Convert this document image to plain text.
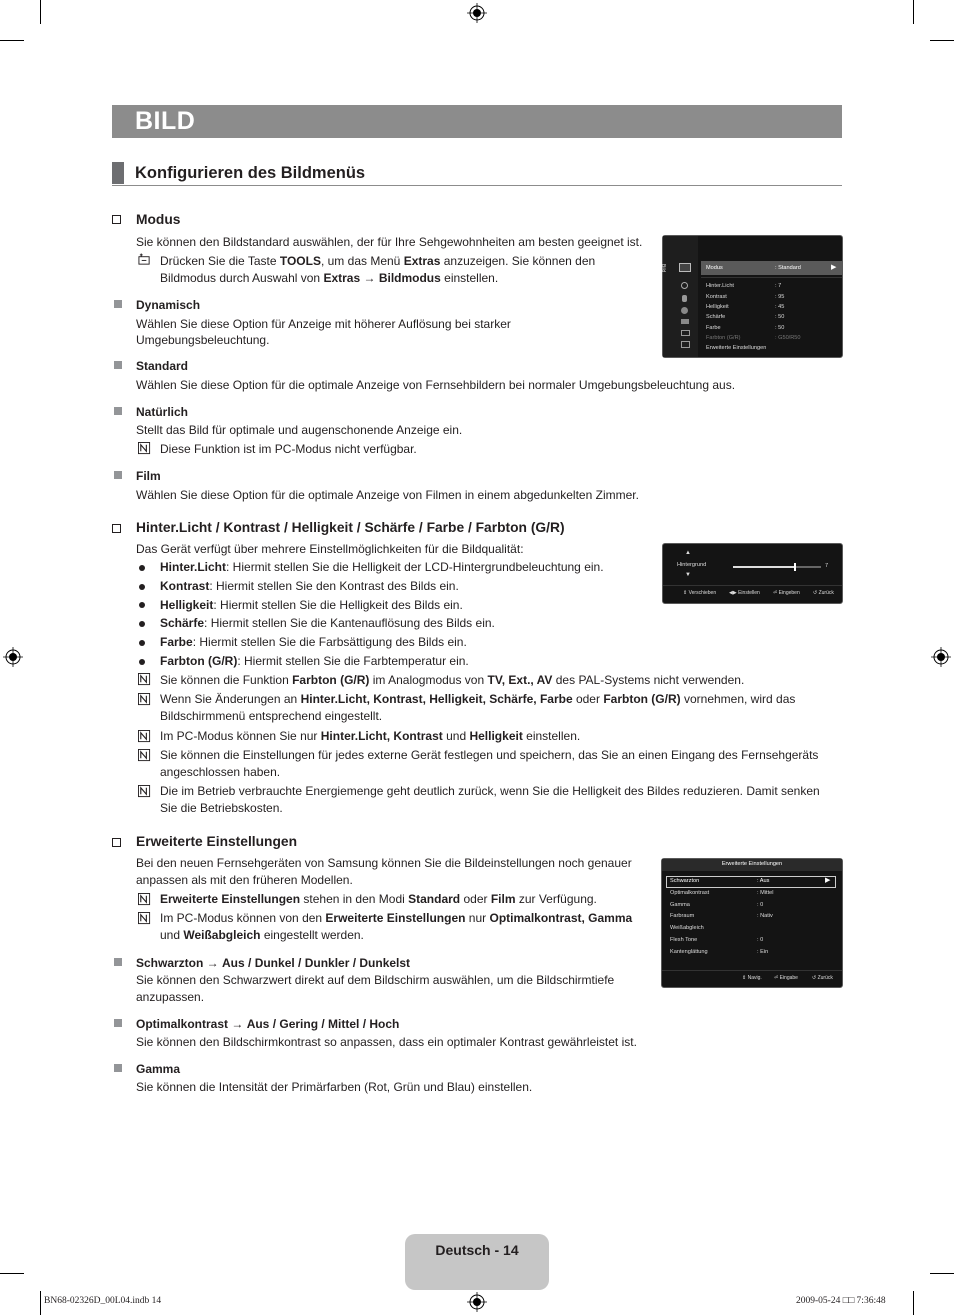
BILD
Konfigurieren des Bildmenüs
Modus
Sie können den Bildstandard auswählen, der für Ihre Sehgewohnheiten am besten geeignet ist.
Drücken Sie die Taste TOOLS, um das Menü Extras anzuzeigen. Sie können den
Bildmodus durch Auswahl von Extras → Bildmodus einstellen.
Dynamisch
Wählen Sie diese Option für Anzeige mit höherer Auflösung bei starker
Umgebungsbeleuchtung.
Standard
Wählen Sie diese Option für die optimale Anzeige von Fernsehbildern bei normaler Umgebungsbeleuchtung aus.
Natürlich
Stellt das Bild für optimale und augenschonende Anzeige ein.
Diese Funktion ist im PC-Modus nicht verfügbar.
Film
Wählen Sie diese Option für die optimale Anzeige von Filmen in einem abgedunkelten Zimmer.
Bild	Modus	: Standard	▶
Hinter.Licht	: 7
Kontrast	: 95
Helligkeit	: 45
Schärfe	: 50
Farbe	: 50
Farbton (G/R)	: G50/R50
Erweiterte Einstellungen
Hinter.Licht / Kontrast / Helligkeit / Schärfe / Farbe / Farbton (G/R)
Das Gerät verfügt über mehrere Einstellmöglichkeiten für die Bildqualität:
Hinter.Licht: Hiermit stellen Sie die Helligkeit der LCD-Hintergrundbeleuchtung ein.
Kontrast: Hiermit stellen Sie den Kontrast des Bilds ein.
Helligkeit: Hiermit stellen Sie die Helligkeit des Bilds ein.
Schärfe: Hiermit stellen Sie die Kantenauflösung des Bilds ein.
Farbe: Hiermit stellen Sie die Farbsättigung des Bilds ein.
Farbton (G/R): Hiermit stellen Sie die Farbtemperatur ein.
Sie können die Funktion Farbton (G/R) im Analogmodus von TV, Ext., AV des PAL-Systems nicht verwenden.
Wenn Sie Änderungen an Hinter.Licht, Kontrast, Helligkeit, Schärfe, Farbe oder Farbton (G/R) vornehmen, wird das
Bildschirmmenü entsprechend eingestellt.
Im PC-Modus können Sie nur Hinter.Licht, Kontrast und Helligkeit einstellen.
Sie können die Einstellungen für jedes externe Gerät festlegen und speichern, das Sie an einen Eingang des Fernsehgeräts
angeschlossen haben.
Die im Betrieb verbrauchte Energiemenge geht deutlich zurück, wenn Sie die Helligkeit des Bildes reduzieren. Damit senken
Sie die Betriebskosten.
▲
Hintergrund
▼
7
⇕ Verschieben	◀▶ Einstellen	⏎ Eingeben	↺ Zurück
Erweiterte Einstellungen
Bei den neuen Fernsehgeräten von Samsung können Sie die Bildeinstellungen noch genauer
anpassen als mit den früheren Modellen.
Erweiterte Einstellungen stehen in den Modi Standard oder Film zur Verfügung.
Im PC-Modus können von den Erweiterte Einstellungen nur Optimalkontrast, Gamma
und Weißabgleich eingestellt werden.
Schwarzton → Aus / Dunkel / Dunkler / Dunkelst
Sie können den Schwarzwert direkt auf dem Bildschirm auswählen, um die Bildschirmtiefe
anzupassen.
Optimalkontrast → Aus / Gering / Mittel / Hoch
Sie können den Bildschirmkontrast so anpassen, dass ein optimaler Kontrast gewährleistet ist.
Gamma
Sie können die Intensität der Primärfarben (Rot, Grün und Blau) einstellen.
Erweiterte Einstellungen
Schwarzton	: Aus	▶
Optimalkontrast	: Mittel
Gamma	: 0
Farbraum	: Nativ
Weißabgleich
Flesh Tone	: 0
Kantenglättung	: Ein
⇕ Navig. ⏎ Eingabe	↺ Zurück
Deutsch - 14
BN68-02326D_00L04.indb 14	2009-05-24 □□ 7:36:48
